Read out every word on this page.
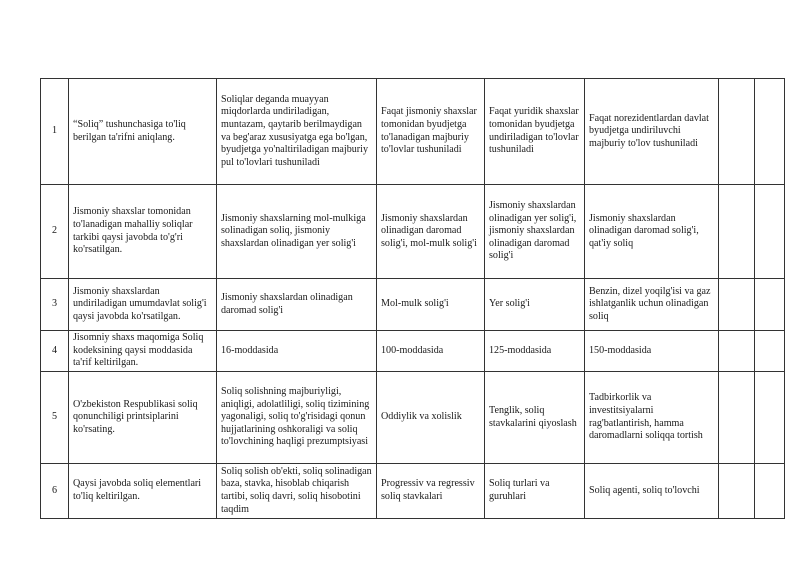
1	“Soliq” tushunchasiga to'liq berilgan ta'rifni aniqlang.	Soliqlar deganda muayyan miqdorlarda undiriladigan, muntazam, qaytarib berilmaydigan va beg'araz xususiyatga ega bo'lgan, byudjetga yo'naltiriladigan majburiy pul to'lovlari tushuniladi	Faqat jismoniy shaxslar tomonidan byudjetga to'lanadigan majburiy to'lovlar tushuniladi	Faqat yuridik shaxslar tomonidan byudjetga undiriladigan to'lovlar tushuniladi	Faqat norezidentlardan davlat byudjetga undiriluvchi majburiy to'lov tushuniladi		
2	Jismoniy shaxslar tomonidan to'lanadigan mahalliy soliqlar tarkibi qaysi javobda to'g'ri ko'rsatilgan.	Jismoniy shaxslarning mol-mulkiga solinadigan soliq, jismoniy shaxslardan olinadigan yer solig'i	Jismoniy shaxslardan olinadigan daromad solig'i, mol-mulk solig'i	Jismoniy shaxslardan olinadigan yer solig'i, jismoniy shaxslardan olinadigan daromad solig'i	Jismoniy shaxslardan olinadigan daromad solig'i, qat'iy soliq		
3	Jismoniy shaxslardan undiriladigan umumdavlat solig'i qaysi javobda ko'rsatilgan.	Jismoniy shaxslardan olinadigan daromad solig'i	Mol-mulk solig'i	Yer solig'i	Benzin, dizel yoqilg'isi va gaz ishlatganlik uchun olinadigan soliq		
4	Jisomniy shaxs maqomiga Soliq kodeksining qaysi moddasida ta'rif keltirilgan.	16-moddasida	100-moddasida	125-moddasida	150-moddasida		
5	O'zbekiston Respublikasi soliq qonunchiligi printsiplarini ko'rsating.	Soliq solishning majburiyligi, aniqligi, adolatliligi, soliq tizimining yagonaligi, soliq to'g'risidagi qonun hujjatlarining oshkoraligi va soliq to'lovchining haqligi prezumptsiyasi	Oddiylik va xolislik	Tenglik, soliq stavkalarini qiyoslash	Tadbirkorlik va investitsiyalarni rag'batlantirish, hamma daromadlarni soliqqa tortish		
6	Qaysi javobda soliq elementlari to'liq keltirilgan.	Soliq solish ob'ekti, soliq solinadigan baza, stavka, hisoblab chiqarish tartibi, soliq davri, soliq hisobotini taqdim	Progressiv va regressiv soliq stavkalari	Soliq turlari va guruhlari	Soliq agenti, soliq to'lovchi		
